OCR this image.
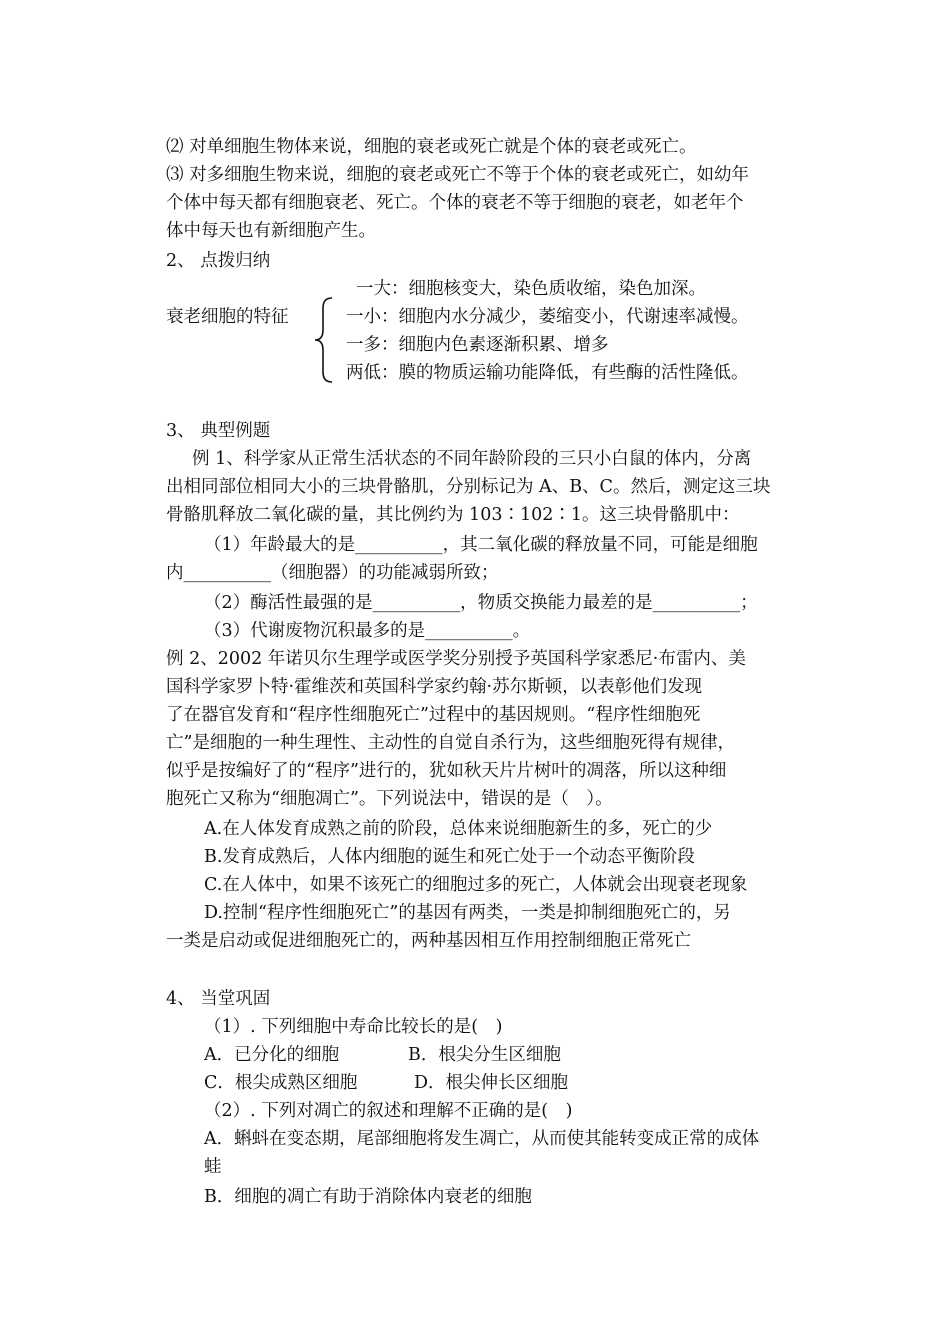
⑵ 对单细胞生物体来说，细胞的衰老或死亡就是个体的衰老或死亡。
⑶ 对多细胞生物来说，细胞的衰老或死亡不等于个体的衰老或死亡，如幼年
个体中每天都有细胞衰老、死亡。个体的衰老不等于细胞的衰老，如老年个
体中每天也有新细胞产生。
2、 点拨归纳
一大：细胞核变大，染色质收缩，染色加深。
衰老细胞的特征	一小：细胞内水分减少，萎缩变小，代谢速率减慢。
一多：细胞内色素逐渐积累、增多
两低：膜的物质运输功能降低，有些酶的活性隆低。
3、 典型例题
例 1、科学家从正常生活状态的不同年龄阶段的三只小白鼠的体内，分离
出相同部位相同大小的三块骨骼肌，分别标记为 A、B、C。然后，测定这三块
骨骼肌释放二氧化碳的量，其比例约为 103∶102∶1。这三块骨骼肌中：
（1）年龄最大的是__________，其二氧化碳的释放量不同，可能是细胞
内__________（细胞器）的功能减弱所致；
（2）酶活性最强的是__________，物质交换能力最差的是__________；
（3）代谢废物沉积最多的是__________。
例 2、2002 年诺贝尔生理学或医学奖分别授予英国科学家悉尼·布雷内、美
国科学家罗卜特·霍维茨和英国科学家约翰·苏尔斯顿，以表彰他们发现
了在器官发育和“程序性细胞死亡”过程中的基因规则。“程序性细胞死
亡”是细胞的一种生理性、主动性的自觉自杀行为，这些细胞死得有规律，
似乎是按编好了的“程序”进行的，犹如秋天片片树叶的凋落，所以这种细
胞死亡又称为“细胞凋亡”。下列说法中，错误的是（　）。
A.在人体发育成熟之前的阶段，总体来说细胞新生的多，死亡的少
B.发育成熟后，人体内细胞的诞生和死亡处于一个动态平衡阶段
C.在人体中，如果不该死亡的细胞过多的死亡，人体就会出现衰老现象
D.控制“程序性细胞死亡”的基因有两类，一类是抑制细胞死亡的，另
一类是启动或促进细胞死亡的，两种基因相互作用控制细胞正常死亡
4、 当堂巩固
（1）. 下列细胞中寿命比较长的是(　)
A．已分化的细胞	B．根尖分生区细胞
C．根尖成熟区细胞	D．根尖伸长区细胞
（2）. 下列对凋亡的叙述和理解不正确的是(　)
A．蝌蚪在变态期，尾部细胞将发生凋亡，从而使其能转变成正常的成体
蛙
B．细胞的凋亡有助于消除体内衰老的细胞
